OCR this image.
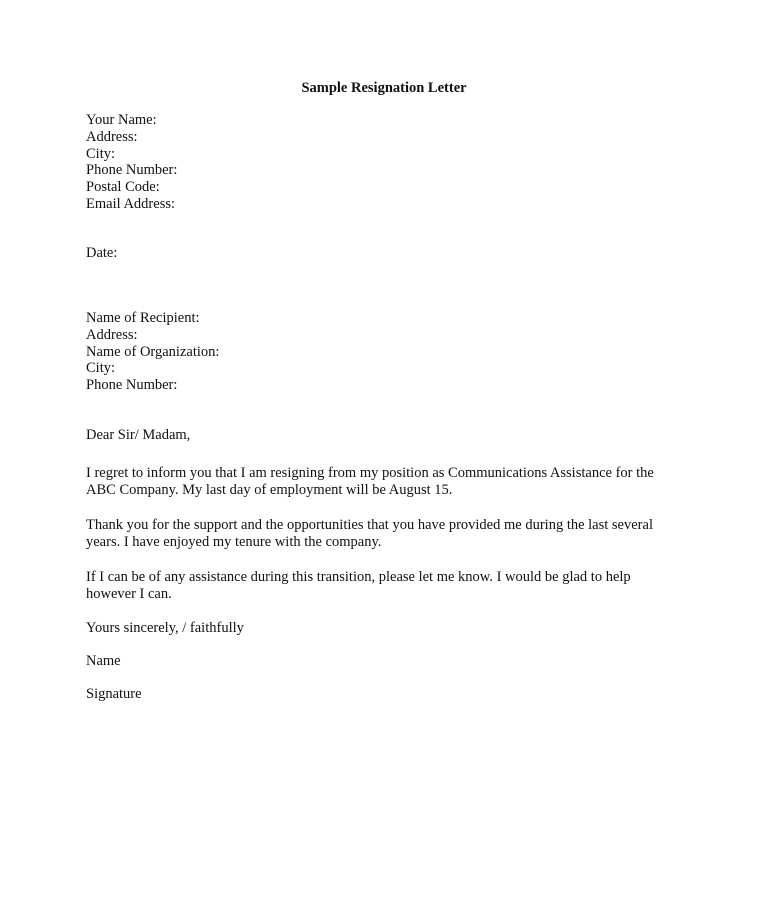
Sample Resignation Letter
Your Name:
Address:
City:
Phone Number:
Postal Code:
Email Address:
Date:
Name of Recipient:
Address:
Name of Organization:
City:
Phone Number:
Dear Sir/ Madam,
I regret to inform you that I am resigning from my position as Communications Assistance for the
ABC Company. My last day of employment will be August 15.
Thank you for the support and the opportunities that you have provided me during the last several
years. I have enjoyed my tenure with the company.
If I can be of any assistance during this transition, please let me know. I would be glad to help
however I can.
Yours sincerely, / faithfully
Name
Signature
